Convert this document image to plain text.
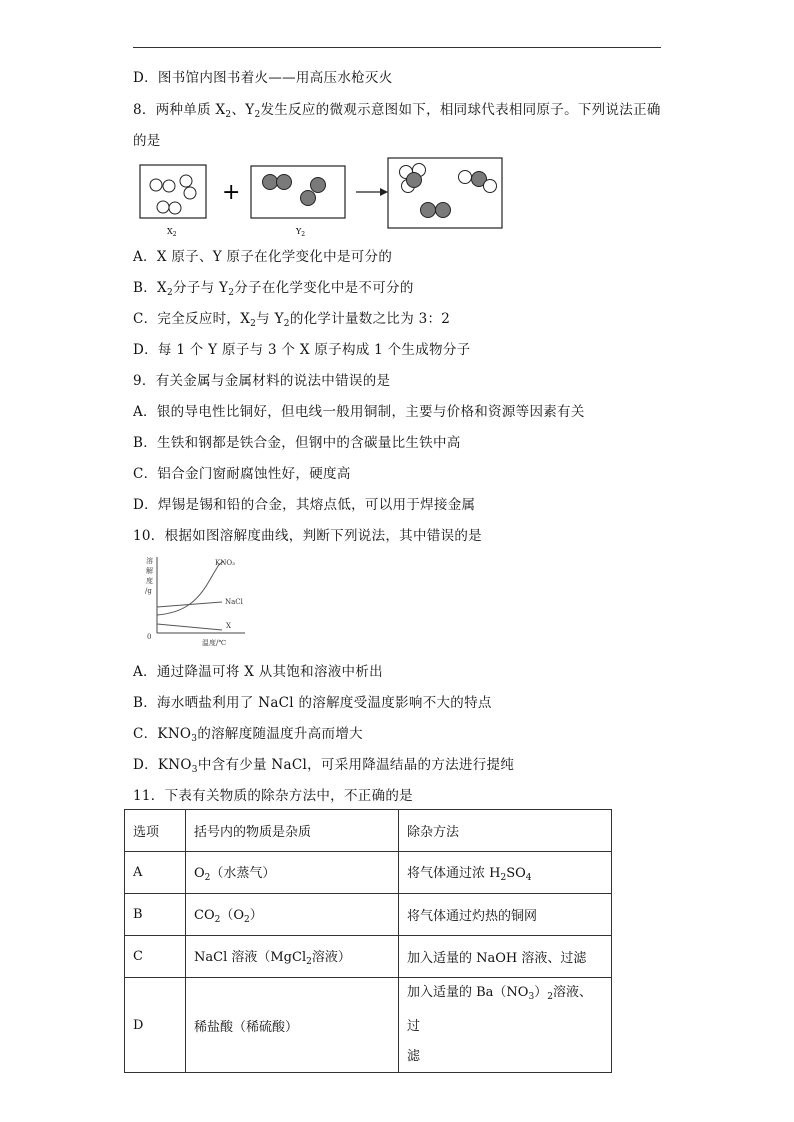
D．图书馆内图书着火——用高压水枪灭火
8．两种单质 $X_2$、$Y_2$发生反应的微观示意图如下，相同球代表相同原子。下列说法正确
的是
+
$X_2$	$Y_2$
A．X 原子、Y 原子在化学变化中是可分的
B．$X_2$分子与 $Y_2$分子在化学变化中是不可分的
C．完全反应时，$X_2$与 $Y_2$的化学计量数之比为 3：2
D．每 1 个 Y 原子与 3 个 X 原子构成 1 个生成物分子
9．有关金属与金属材料的说法中错误的是
A．银的导电性比铜好，但电线一般用铜制，主要与价格和资源等因素有关
B．生铁和钢都是铁合金，但钢中的含碳量比生铁中高
C．铝合金门窗耐腐蚀性好，硬度高
D．焊锡是锡和铅的合金，其熔点低，可以用于焊接金属
10．根据如图溶解度曲线，判断下列说法，其中错误的是
溶
解
度
/g
0
温度/℃
KNO₃
NaCl
X
A．通过降温可将 X 从其饱和溶液中析出
B．海水晒盐利用了 NaCl 的溶解度受温度影响不大的特点
C．$KNO_3$的溶解度随温度升高而增大
D．$KNO_3$中含有少量 NaCl，可采用降温结晶的方法进行提纯
11．下表有关物质的除杂方法中，不正确的是
选项	括号内的物质是杂质	除杂方法
A	$O_2$（水蒸气）	将气体通过浓 $H_2SO_4$
B	$CO_2(O_2)$	将气体通过灼热的铜网
C	NaCl 溶液（MgCl$_2$溶液）	加入适量的 NaOH 溶液、过滤
D	稀盐酸（稀硫酸）	加入适量的 $Ba(NO_3)_2$溶液、过
滤
